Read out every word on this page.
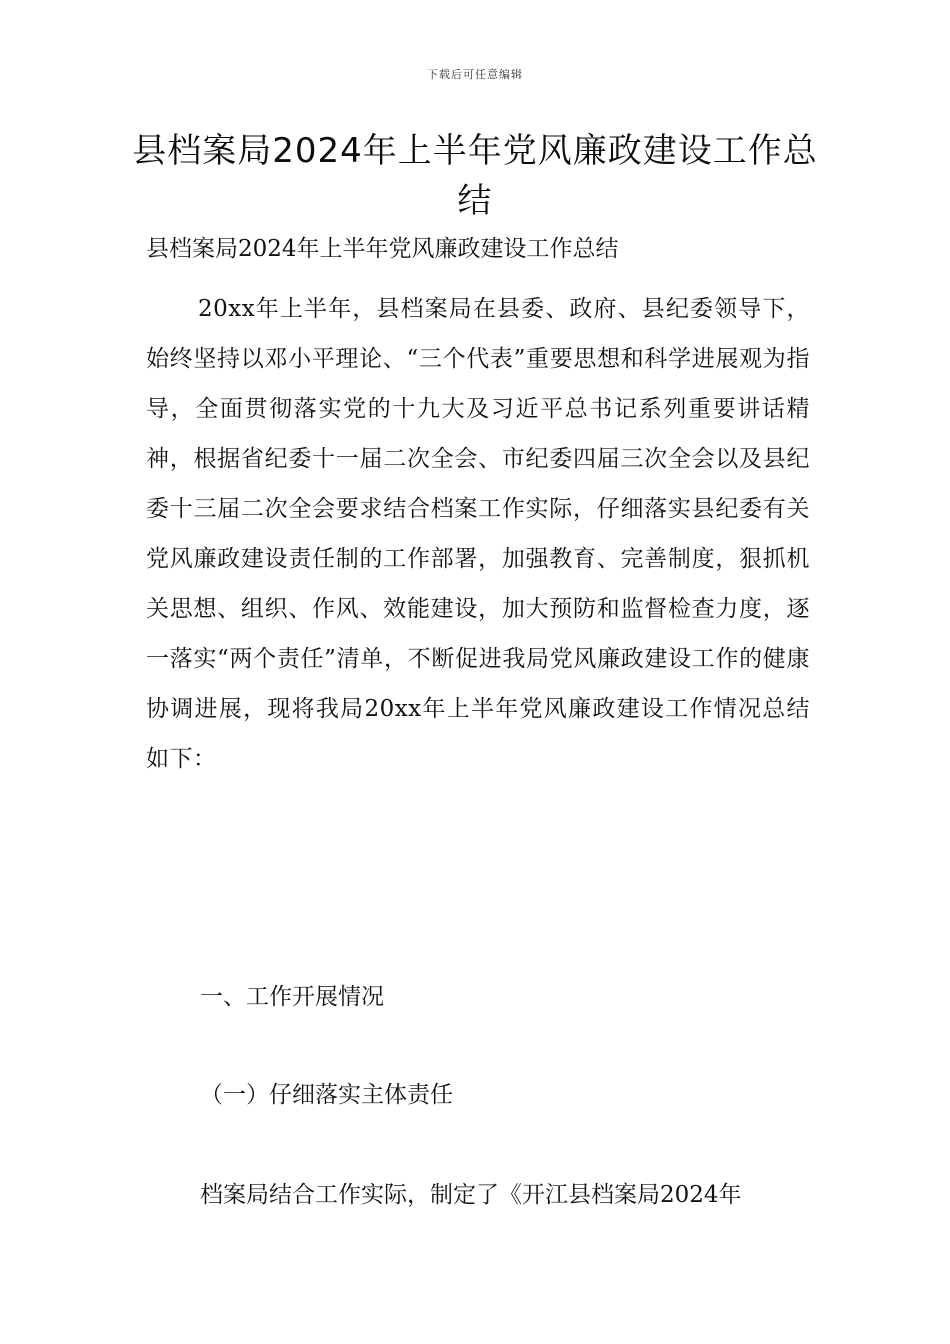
下载后可任意编辑
县档案局2024年上半年党风廉政建设工作总结
县档案局2024年上半年党风廉政建设工作总结
20xx年上半年，县档案局在县委、政府、县纪委领导下，始终坚持以邓小平理论、“三个代表”重要思想和科学进展观为指导，全面贯彻落实党的十九大及习近平总书记系列重要讲话精神，根据省纪委十一届二次全会、市纪委四届三次全会以及县纪委十三届二次全会要求结合档案工作实际，仔细落实县纪委有关党风廉政建设责任制的工作部署，加强教育、完善制度，狠抓机关思想、组织、作风、效能建设，加大预防和监督检查力度，逐一落实“两个责任”清单，不断促进我局党风廉政建设工作的健康协调进展，现将我局20xx年上半年党风廉政建设工作情况总结如下：
一、工作开展情况
（一）仔细落实主体责任
档案局结合工作实际，制定了《开江县档案局2024年
